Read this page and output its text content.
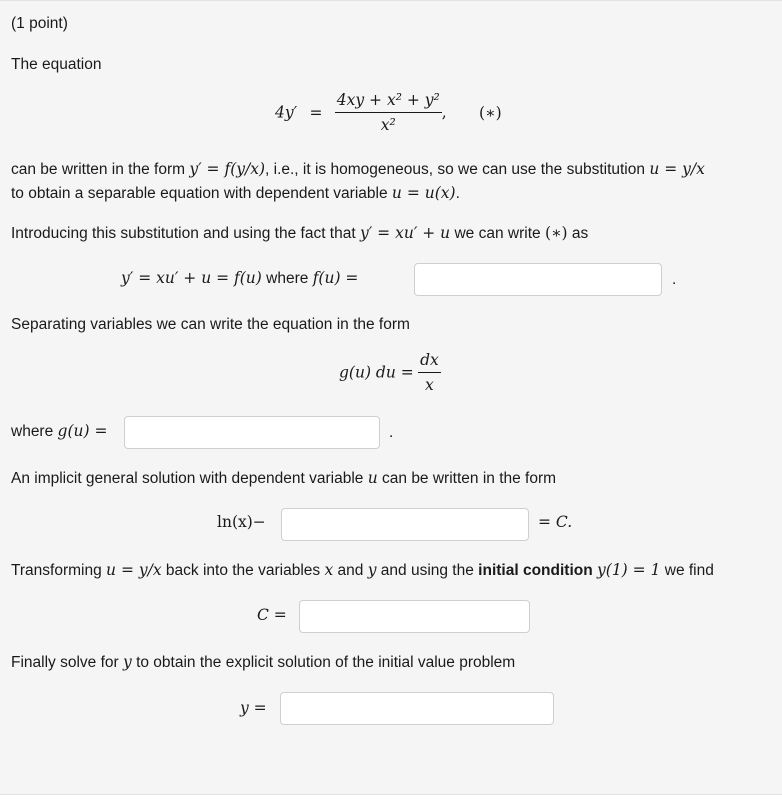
(1 point)
The equation
$4y' = \frac{\text{4xy + x² + y²}}{\text{x²}}$ , (∗)
can be written in the form y′ = f(y/x), i.e., it is homogeneous, so we can use the substitution u = y/x
to obtain a separable equation with dependent variable u = u(x).
Introducing this substitution and using the fact that y′ = xu′ + u we can write (∗) as
y′ = xu′ + u = f(u) where f(u) =	.
Separating variables we can write the equation in the form
g(u) du = $\frac{dx}{x}$
where g(u) =	.
An implicit general solution with dependent variable u can be written in the form
ln(x)−	= C.
Transforming u = y/x back into the variables x and y and using the initial condition y(1) = 1 we find
C =
Finally solve for y to obtain the explicit solution of the initial value problem
y =
